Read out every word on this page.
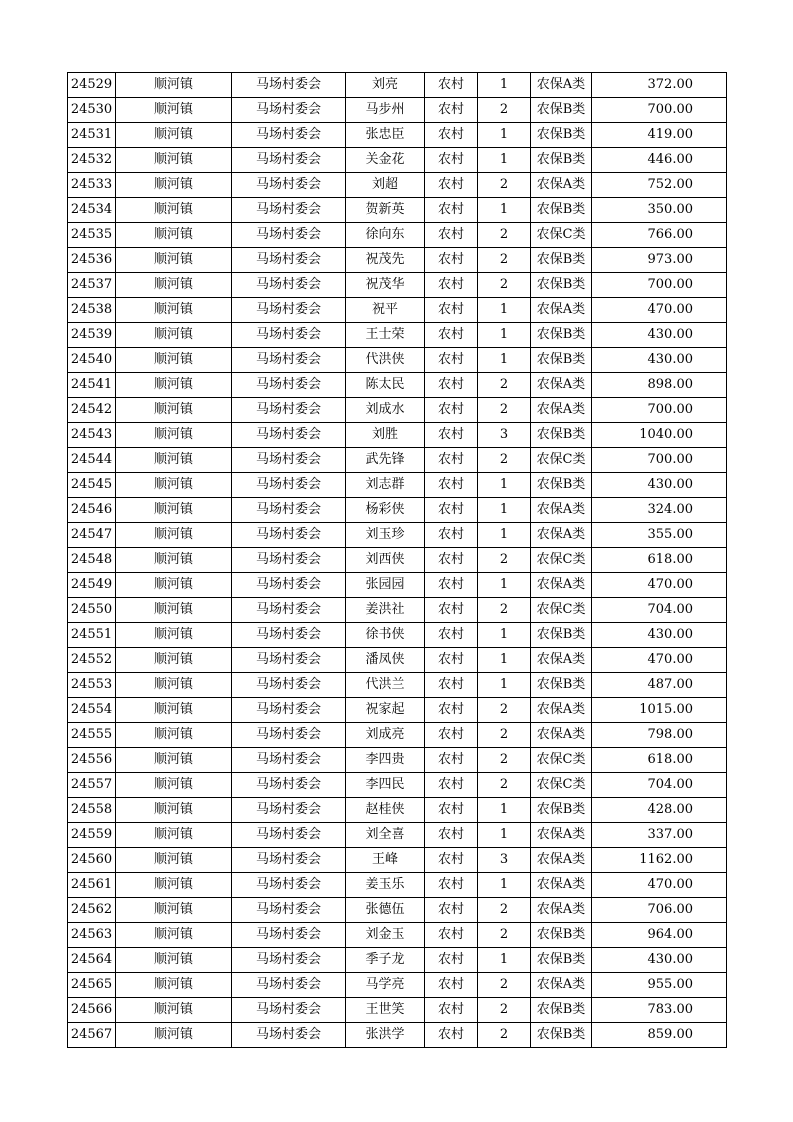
24529	顺河镇	马场村委会	刘亮	农村	1	农保A类	372.00
24530	顺河镇	马场村委会	马步州	农村	2	农保B类	700.00
24531	顺河镇	马场村委会	张忠臣	农村	1	农保B类	419.00
24532	顺河镇	马场村委会	关金花	农村	1	农保B类	446.00
24533	顺河镇	马场村委会	刘超	农村	2	农保A类	752.00
24534	顺河镇	马场村委会	贺新英	农村	1	农保B类	350.00
24535	顺河镇	马场村委会	徐向东	农村	2	农保C类	766.00
24536	顺河镇	马场村委会	祝茂先	农村	2	农保B类	973.00
24537	顺河镇	马场村委会	祝茂华	农村	2	农保B类	700.00
24538	顺河镇	马场村委会	祝平	农村	1	农保A类	470.00
24539	顺河镇	马场村委会	王士荣	农村	1	农保B类	430.00
24540	顺河镇	马场村委会	代洪侠	农村	1	农保B类	430.00
24541	顺河镇	马场村委会	陈太民	农村	2	农保A类	898.00
24542	顺河镇	马场村委会	刘成水	农村	2	农保A类	700.00
24543	顺河镇	马场村委会	刘胜	农村	3	农保B类	1040.00
24544	顺河镇	马场村委会	武先锋	农村	2	农保C类	700.00
24545	顺河镇	马场村委会	刘志群	农村	1	农保B类	430.00
24546	顺河镇	马场村委会	杨彩侠	农村	1	农保A类	324.00
24547	顺河镇	马场村委会	刘玉珍	农村	1	农保A类	355.00
24548	顺河镇	马场村委会	刘西侠	农村	2	农保C类	618.00
24549	顺河镇	马场村委会	张园园	农村	1	农保A类	470.00
24550	顺河镇	马场村委会	姜洪社	农村	2	农保C类	704.00
24551	顺河镇	马场村委会	徐书侠	农村	1	农保B类	430.00
24552	顺河镇	马场村委会	潘凤侠	农村	1	农保A类	470.00
24553	顺河镇	马场村委会	代洪兰	农村	1	农保B类	487.00
24554	顺河镇	马场村委会	祝家起	农村	2	农保A类	1015.00
24555	顺河镇	马场村委会	刘成亮	农村	2	农保A类	798.00
24556	顺河镇	马场村委会	李四贵	农村	2	农保C类	618.00
24557	顺河镇	马场村委会	李四民	农村	2	农保C类	704.00
24558	顺河镇	马场村委会	赵桂侠	农村	1	农保B类	428.00
24559	顺河镇	马场村委会	刘全喜	农村	1	农保A类	337.00
24560	顺河镇	马场村委会	王峰	农村	3	农保A类	1162.00
24561	顺河镇	马场村委会	姜玉乐	农村	1	农保A类	470.00
24562	顺河镇	马场村委会	张德伍	农村	2	农保A类	706.00
24563	顺河镇	马场村委会	刘金玉	农村	2	农保B类	964.00
24564	顺河镇	马场村委会	季子龙	农村	1	农保B类	430.00
24565	顺河镇	马场村委会	马学亮	农村	2	农保A类	955.00
24566	顺河镇	马场村委会	王世笑	农村	2	农保B类	783.00
24567	顺河镇	马场村委会	张洪学	农村	2	农保B类	859.00
